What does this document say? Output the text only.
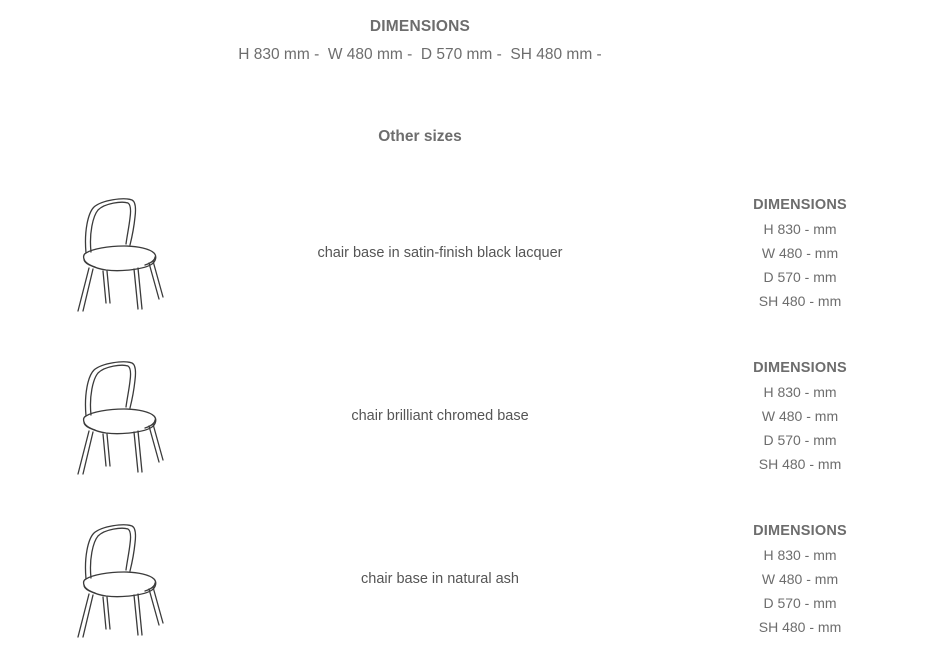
DIMENSIONS
H 830 mm -  W 480 mm -  D 570 mm -  SH 480 mm -
Other sizes
chair base in satin-finish black lacquer
DIMENSIONS
H 830 - mm
W 480 - mm
D 570 - mm
SH 480 - mm
chair brilliant chromed base
DIMENSIONS
H 830 - mm
W 480 - mm
D 570 - mm
SH 480 - mm
chair base in natural ash
DIMENSIONS
H 830 - mm
W 480 - mm
D 570 - mm
SH 480 - mm
